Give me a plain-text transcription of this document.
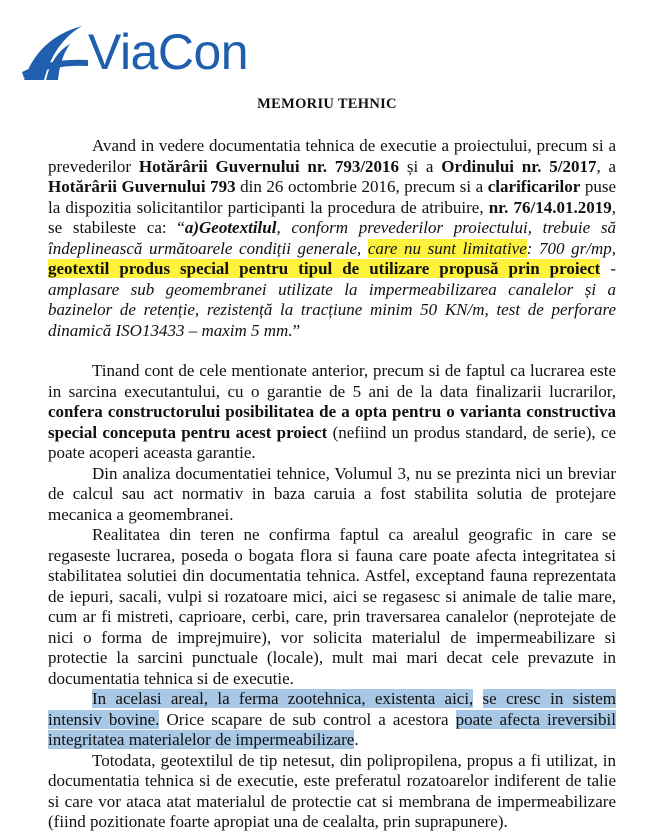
ViaCon
MEMORIU TEHNIC

Avand in vedere documentatia tehnica de executie a proiectului, precum si a prevederilor Hotărârii Guvernului nr. 793/2016 și a Ordinului nr. 5/2017, a Hotărârii Guvernului 793 din 26 octombrie 2016, precum si a clarificarilor puse la dispozitia solicitantilor participanti la procedura de atribuire, nr. 76/14.01.2019, se stabileste ca: “a)Geotextilul, conform prevederilor proiectului, trebuie să îndeplinească următoarele condiții generale, care nu sunt limitative: 700 gr/mp, geotextil produs special pentru tipul de utilizare propusă prin proiect - amplasare sub geomembranei utilizate la impermeabilizarea canalelor și a bazinelor de retenție, rezistență la tracțiune minim 50 KN/m, test de perforare dinamică ISO13433 – maxim 5 mm.”

Tinand cont de cele mentionate anterior, precum si de faptul ca lucrarea este in sarcina executantului, cu o garantie de 5 ani de la data finalizarii lucrarilor, confera constructorului posibilitatea de a opta pentru o varianta constructiva special conceputa pentru acest proiect (nefiind un produs standard, de serie), ce poate acoperi aceasta garantie.

Din analiza documentatiei tehnice, Volumul 3, nu se prezinta nici un breviar de calcul sau act normativ in baza caruia a fost stabilita solutia de protejare mecanica a geomembranei.

Realitatea din teren ne confirma faptul ca arealul geografic in care se regaseste lucrarea, poseda o bogata flora si fauna care poate afecta integritatea si stabilitatea solutiei din documentatia tehnica. Astfel, exceptand fauna reprezentata de iepuri, sacali, vulpi si rozatoare mici, aici se regasesc si animale de talie mare, cum ar fi mistreti, caprioare, cerbi, care, prin traversarea canalelor (neprotejate de nici o forma de imprejmuire), vor solicita materialul de impermeabilizare si protectie la sarcini punctuale (locale), mult mai mari decat cele prevazute in documentatia tehnica si de executie.

In acelasi areal, la ferma zootehnica, existenta aici, se cresc in sistem intensiv bovine. Orice scapare de sub control a acestora poate afecta ireversibil integritatea materialelor de impermeabilizare.

Totodata, geotextilul de tip netesut, din polipropilena, propus a fi utilizat, in documentatia tehnica si de executie, este preferatul rozatoarelor indiferent de talie si care vor ataca atat materialul de protectie cat si membrana de impermeabilizare (fiind pozitionate foarte apropiat una de cealalta, prin suprapunere).
